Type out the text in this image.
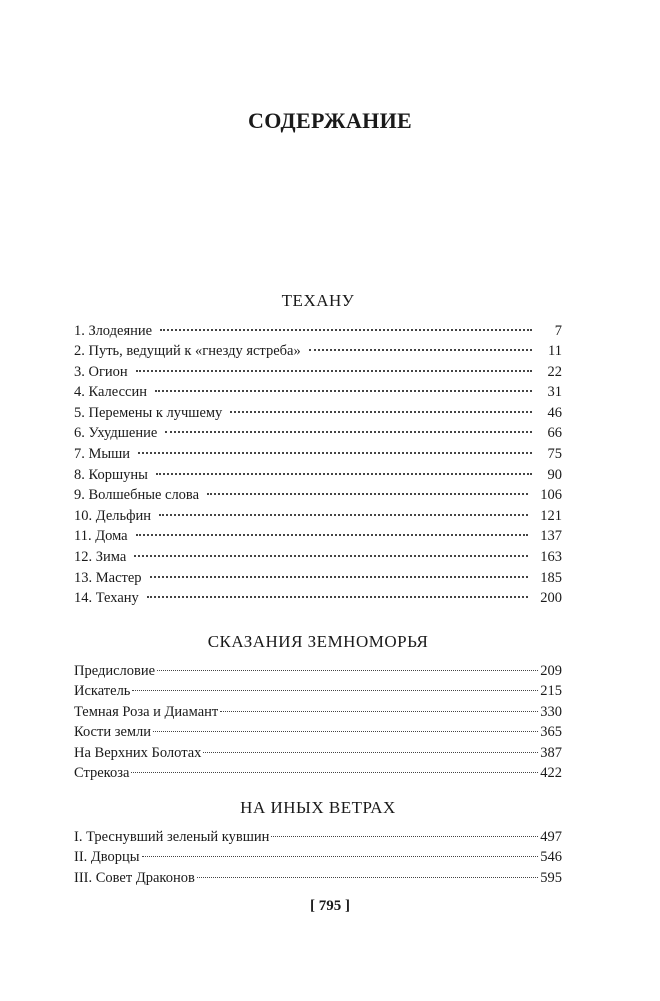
СОДЕРЖАНИЕ
ТЕХАНУ
1. Злодеяние	7
2. Путь, ведущий к «гнезду ястреба»	11
3. Огион	22
4. Калессин	31
5. Перемены к лучшему	46
6. Ухудшение	66
7. Мыши	75
8. Коршуны	90
9. Волшебные слова	106
10. Дельфин	121
11. Дома	137
12. Зима	163
13. Мастер	185
14. Техану	200
СКАЗАНИЯ ЗЕМНОМОРЬЯ
Предисловие	209
Искатель	215
Темная Роза и Диамант	330
Кости земли	365
На Верхних Болотах	387
Стрекоза	422
НА ИНЫХ ВЕТРАХ
I. Треснувший зеленый кувшин	497
II. Дворцы	546
III. Совет Драконов	595
[ 795 ]
